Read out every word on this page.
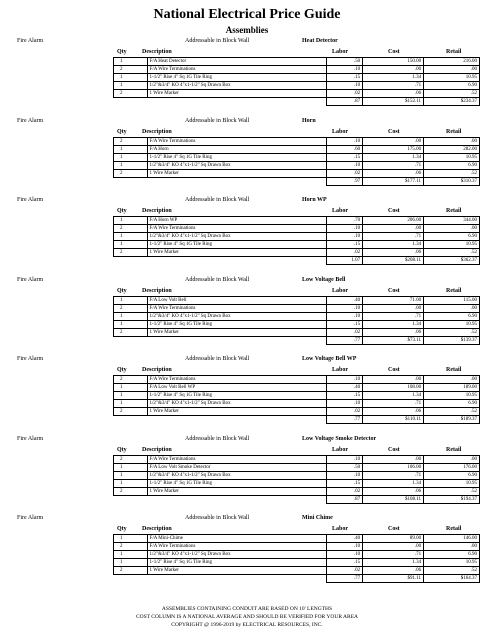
National Electrical Price Guide
Assemblies
Fire Alarm	Addressable in Block Wall	Heat Detector
Qty	Description	Labor	Cost	Retail
1	F/A Heat Detector	.50	150.00	216.00
2	F/A Wire Terminations	.10	.00	.00
1	1-1/2" Rise 4" Sq 1G Tile Ring	.15	1.34	10.95
1	1/2"&3/4" KO 4"x1-1/2" Sq Drawn Box	.10	.71	6.90
2	1 Wire Marker	.02	.06	.52
		.87	$152.11	$234.37
Fire Alarm	Addressable in Block Wall	Horn
Qty	Description	Labor	Cost	Retail
2	F/A Wire Terminations	.10	.00	.00
1	F/A Horn	.60	175.00	282.00
1	1-1/2" Rise 4" Sq 1G Tile Ring	.15	1.34	10.95
1	1/2"&3/4" KO 4"x1-1/2" Sq Drawn Box	.10	.71	6.90
2	1 Wire Marker	.02	.06	.52
		.97	$177.11	$310.37
Fire Alarm	Addressable in Block Wall	Horn WP
Qty	Description	Labor	Cost	Retail
1	F/A Horn WP	.70	206.00	344.00
2	F/A Wire Terminations	.10	.00	.00
1	1/2"&3/4" KO 4"x1-1/2" Sq Drawn Box	.10	.71	6.90
1	1-1/2" Rise 4" Sq 1G Tile Ring	.15	1.34	10.95
2	1 Wire Marker	.02	.06	.52
		1.07	$208.11	$362.37
Fire Alarm	Addressable in Block Wall	Low Voltage Bell
Qty	Description	Labor	Cost	Retail
1	F/A Low Volt Bell	.40	71.00	115.00
2	F/A Wire Terminations	.10	.00	.00
1	1/2"&3/4" KO 4"x1-1/2" Sq Drawn Box	.10	.71	6.90
1	1-1/2" Rise 4" Sq 1G Tile Ring	.15	1.34	10.95
2	1 Wire Marker	.02	.06	.52
		.77	$73.11	$139.37
Fire Alarm	Addressable in Block Wall	Low Voltage Bell WP
Qty	Description	Labor	Cost	Retail
2	F/A Wire Terminations	.10	.00	.00
1	F/A Low Volt Bell WP	.40	108.00	189.00
1	1-1/2" Rise 4" Sq 1G Tile Ring	.15	1.34	10.95
1	1/2"&3/4" KO 4"x1-1/2" Sq Drawn Box	.10	.71	6.90
2	1 Wire Marker	.02	.06	.52
		.77	$110.11	$189.37
Fire Alarm	Addressable in Block Wall	Low Voltage Smoke Detector
Qty	Description	Labor	Cost	Retail
2	F/A Wire Terminations	.10	.00	.00
1	F/A Low Volt Smoke Detector	.50	106.00	176.00
1	1/2"&3/4" KO 4"x1-1/2" Sq Drawn Box	.10	.71	6.90
1	1-1/2" Rise 4" Sq 1G Tile Ring	.15	1.34	10.95
2	1 Wire Marker	.02	.06	.52
		.87	$108.11	$194.37
Fire Alarm	Addressable in Block Wall	Mini Chime
Qty	Description	Labor	Cost	Retail
1	F/A Mini-Chime	.40	89.00	146.00
2	F/A Wire Terminations	.10	.00	.00
1	1/2"&3/4" KO 4"x1-1/2" Sq Drawn Box	.10	.71	6.90
1	1-1/2" Rise 4" Sq 1G Tile Ring	.15	1.34	10.95
2	1 Wire Marker	.02	.06	.52
		.77	$91.11	$164.37
ASSEMBLIES CONTAINING CONDUIT ARE BASED ON 10' LENGTHS
COST COLUMN IS A NATIONAL AVERAGE AND SHOULD BE VERIFIED FOR YOUR AREA
COPYRIGHT @ 1996-2019 by ELECTRICAL RESOURCES, INC.
